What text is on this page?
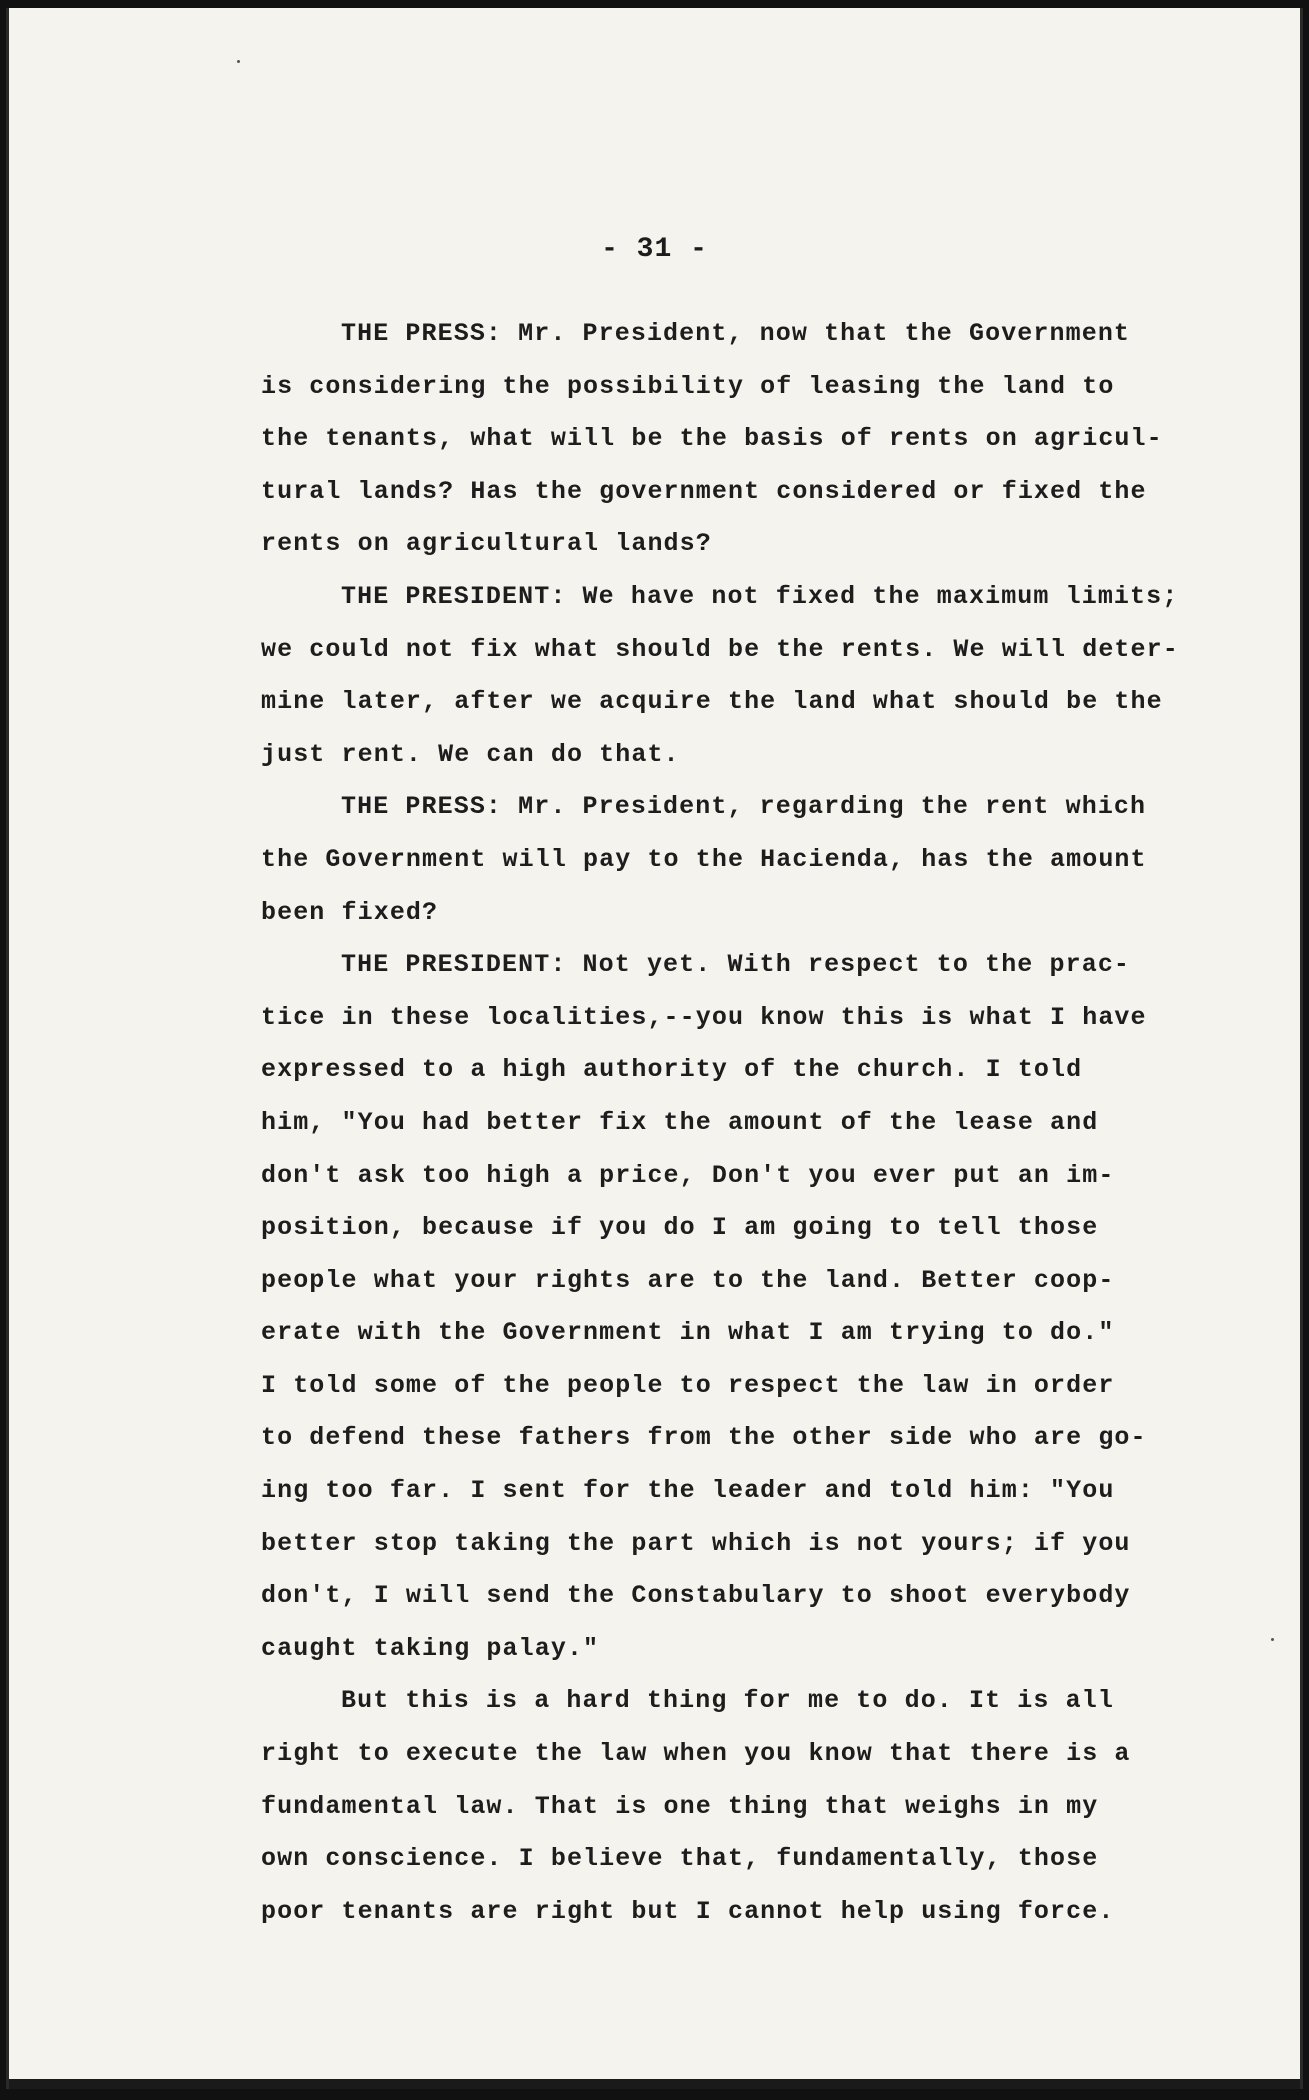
- 31 -
THE PRESS: Mr. President, now that the Government
is considering the possibility of leasing the land to
the tenants, what will be the basis of rents on agricul-
tural lands? Has the government considered or fixed the
rents on agricultural lands?
THE PRESIDENT: We have not fixed the maximum limits;
we could not fix what should be the rents. We will deter-
mine later, after we acquire the land what should be the
just rent. We can do that.
THE PRESS: Mr. President, regarding the rent which
the Government will pay to the Hacienda, has the amount
been fixed?
THE PRESIDENT: Not yet. With respect to the prac-
tice in these localities,--you know this is what I have
expressed to a high authority of the church. I told
him, "You had better fix the amount of the lease and
don't ask too high a price, Don't you ever put an im-
position, because if you do I am going to tell those
people what your rights are to the land. Better coop-
erate with the Government in what I am trying to do."
I told some of the people to respect the law in order
to defend these fathers from the other side who are go-
ing too far. I sent for the leader and told him: "You
better stop taking the part which is not yours; if you
don't, I will send the Constabulary to shoot everybody
caught taking palay."
But this is a hard thing for me to do. It is all
right to execute the law when you know that there is a
fundamental law. That is one thing that weighs in my
own conscience. I believe that, fundamentally, those
poor tenants are right but I cannot help using force.
